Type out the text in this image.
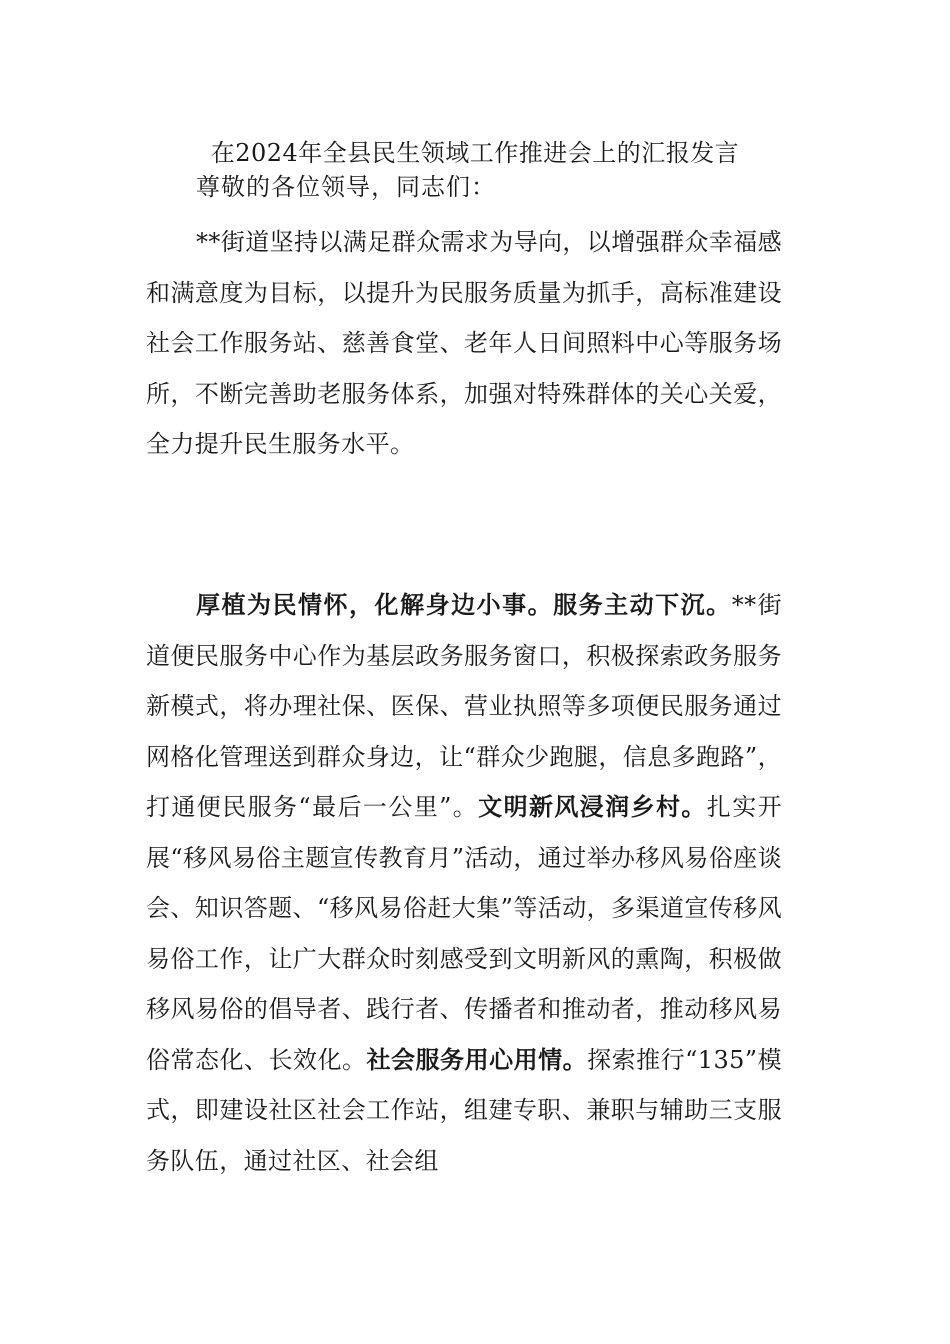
在2024年全县民生领域工作推进会上的汇报发言
尊敬的各位领导，同志们：

**街道坚持以满足群众需求为导向，以增强群众幸福感和满意度为目标，以提升为民服务质量为抓手，高标准建设社会工作服务站、慈善食堂、老年人日间照料中心等服务场所，不断完善助老服务体系，加强对特殊群体的关心关爱，全力提升民生服务水平。

厚植为民情怀，化解身边小事。服务主动下沉。**街道便民服务中心作为基层政务服务窗口，积极探索政务服务新模式，将办理社保、医保、营业执照等多项便民服务通过网格化管理送到群众身边，让“群众少跑腿，信息多跑路”，打通便民服务“最后一公里”。文明新风浸润乡村。扎实开展“移风易俗主题宣传教育月”活动，通过举办移风易俗座谈会、知识答题、“移风易俗赶大集”等活动，多渠道宣传移风易俗工作，让广大群众时刻感受到文明新风的熏陶，积极做移风易俗的倡导者、践行者、传播者和推动者，推动移风易俗常态化、长效化。社会服务用心用情。探索推行“135”模式，即建设社区社会工作站，组建专职、兼职与辅助三支服务队伍，通过社区、社会组
